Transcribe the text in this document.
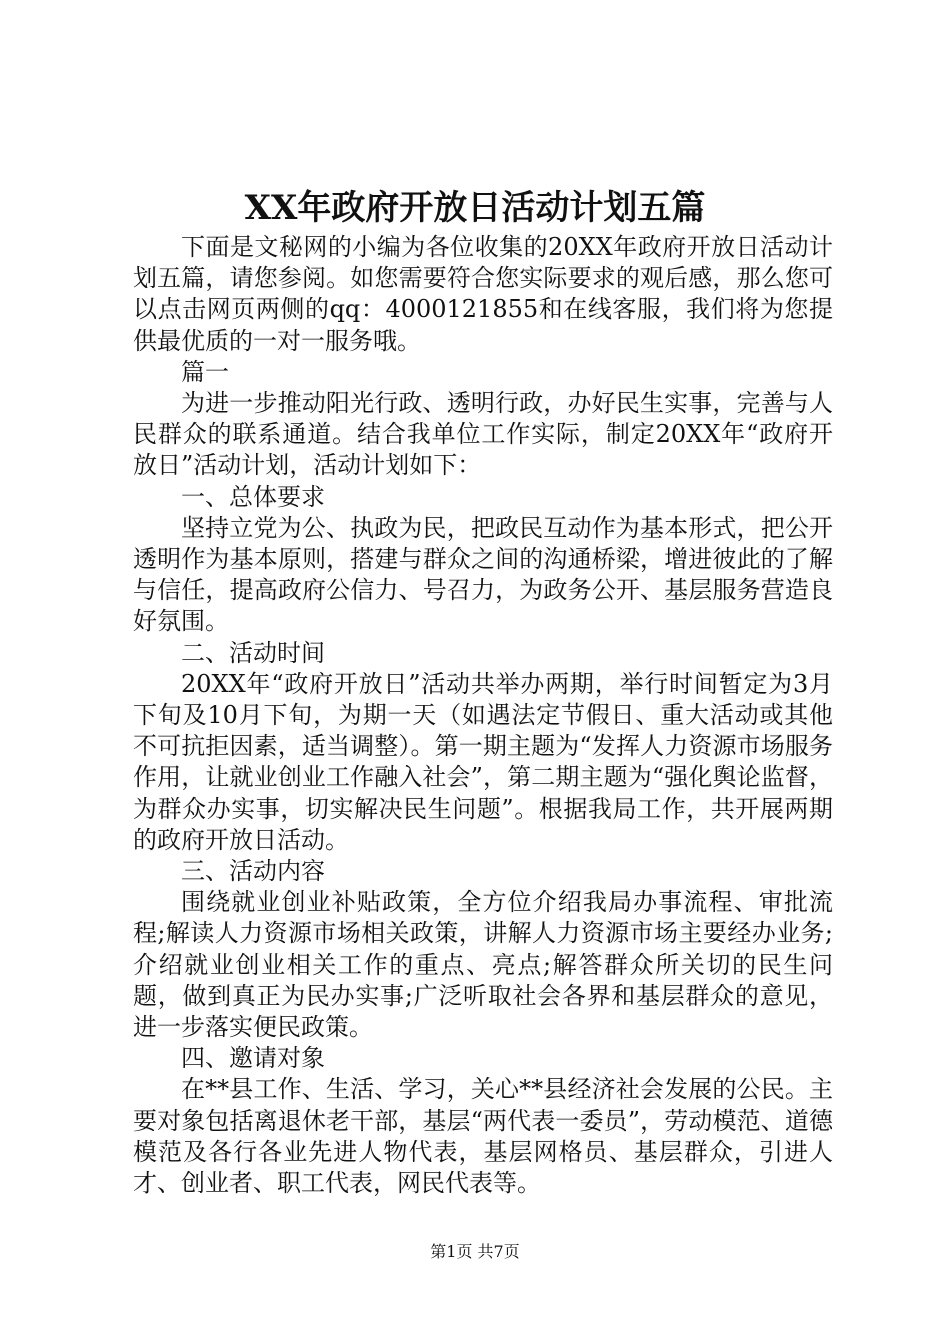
XX年政府开放日活动计划五篇

下面是文秘网的小编为各位收集的20XX年政府开放日活动计划五篇，请您参阅。如您需要符合您实际要求的观后感，那么您可以点击网页两侧的qq：4000121855和在线客服，我们将为您提供最优质的一对一服务哦。

篇一

为进一步推动阳光行政、透明行政，办好民生实事，完善与人民群众的联系通道。结合我单位工作实际，制定20XX年“政府开放日”活动计划，活动计划如下：

一、总体要求

坚持立党为公、执政为民，把政民互动作为基本形式，把公开透明作为基本原则，搭建与群众之间的沟通桥梁，增进彼此的了解与信任，提高政府公信力、号召力，为政务公开、基层服务营造良好氛围。

二、活动时间

20XX年“政府开放日”活动共举办两期，举行时间暂定为3月下旬及10月下旬，为期一天（如遇法定节假日、重大活动或其他不可抗拒因素，适当调整）。第一期主题为“发挥人力资源市场服务作用，让就业创业工作融入社会”，第二期主题为“强化舆论监督，为群众办实事，切实解决民生问题”。根据我局工作，共开展两期的政府开放日活动。

三、活动内容

围绕就业创业补贴政策，全方位介绍我局办事流程、审批流程;解读人力资源市场相关政策，讲解人力资源市场主要经办业务;介绍就业创业相关工作的重点、亮点;解答群众所关切的民生问题，做到真正为民办实事;广泛听取社会各界和基层群众的意见，进一步落实便民政策。

四、邀请对象

在**县工作、生活、学习，关心**县经济社会发展的公民。主要对象包括离退休老干部，基层“两代表一委员”，劳动模范、道德模范及各行各业先进人物代表，基层网格员、基层群众，引进人才、创业者、职工代表，网民代表等。

第1页 共7页
